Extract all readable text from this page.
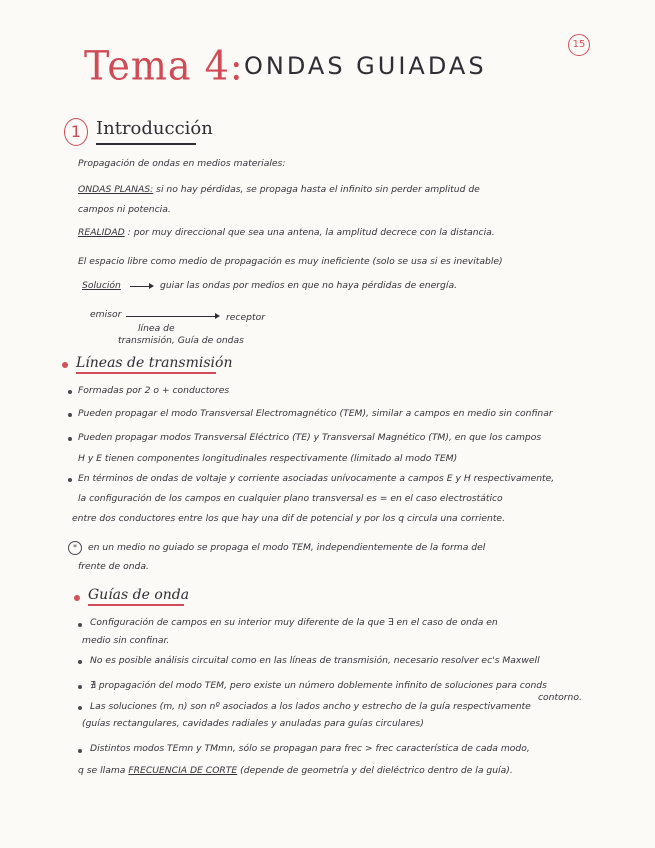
15
Tema 4: ONDAS GUIADAS
1 Introducción
Propagación de ondas en medios materiales:
ONDAS PLANAS: si no hay pérdidas, se propaga hasta el infinito sin perder amplitud de
campos ni potencia.
REALIDAD : por muy direccional que sea una antena, la amplitud decrece con la distancia.
El espacio libre como medio de propagación es muy ineficiente (solo se usa si es inevitable)
Solución	guiar las ondas por medios en que no haya pérdidas de energía.
emisor	receptor
línea de
transmisión, Guía de ondas
Líneas de transmisión
Formadas por 2 o + conductores
Pueden propagar el modo Transversal Electromagnético (TEM), similar a campos en medio sin confinar
Pueden propagar modos Transversal Eléctrico (TE) y Transversal Magnético (TM), en que los campos
H y E tienen componentes longitudinales respectivamente (limitado al modo TEM)
En términos de ondas de voltaje y corriente asociadas unívocamente a campos E y H respectivamente,
la configuración de los campos en cualquier plano transversal es = en el caso electrostático
entre dos conductores entre los que hay una dif de potencial y por los q circula una corriente.
*	en un medio no guiado se propaga el modo TEM, independientemente de la forma del
frente de onda.
Guías de onda
Configuración de campos en su interior muy diferente de la que ∃ en el caso de onda en
medio sin confinar.
No es posible análisis circuital como en las líneas de transmisión, necesario resolver ec's Maxwell
∄ propagación del modo TEM, pero existe un número doblemente infinito de soluciones para conds
contorno.
Las soluciones (m, n) son nº asociados a los lados ancho y estrecho de la guía respectivamente
(guías rectangulares, cavidades radiales y anuladas para guías circulares)
Distintos modos TEmn y TMmn, sólo se propagan para frec > frec característica de cada modo,
q se llama FRECUENCIA DE CORTE (depende de geometría y del dieléctrico dentro de la guía).
